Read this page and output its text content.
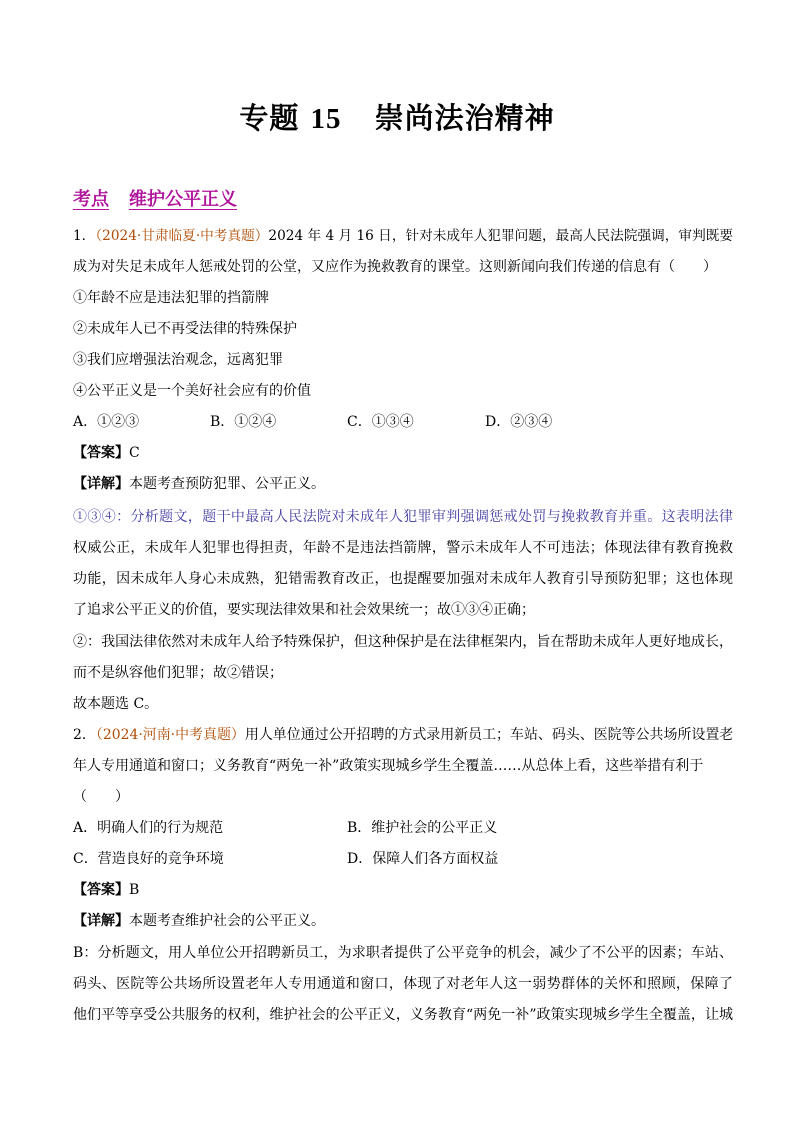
专题 15 崇尚法治精神
考点 维护公平正义
1．（2024·甘肃临夏·中考真题）2024 年 4 月 16 日，针对未成年人犯罪问题，最高人民法院强调，审判既要
成为对失足未成年人惩戒处罚的公堂，又应作为挽救教育的课堂。这则新闻向我们传递的信息有（　　）
①年龄不应是违法犯罪的挡箭牌
②未成年人已不再受法律的特殊保护
③我们应增强法治观念，远离犯罪
④公平正义是一个美好社会应有的价值
A．①②③	B．①②④	C．①③④	D．②③④
【答案】C
【详解】本题考查预防犯罪、公平正义。
①③④：分析题文，题干中最高人民法院对未成年人犯罪审判强调惩戒处罚与挽救教育并重。这表明法律
权威公正，未成年人犯罪也得担责，年龄不是违法挡箭牌，警示未成年人不可违法；体现法律有教育挽救
功能，因未成年人身心未成熟，犯错需教育改正，也提醒要加强对未成年人教育引导预防犯罪；这也体现
了追求公平正义的价值，要实现法律效果和社会效果统一；故①③④正确；
②：我国法律依然对未成年人给予特殊保护，但这种保护是在法律框架内，旨在帮助未成年人更好地成长，
而不是纵容他们犯罪；故②错误；
故本题选 C。
2．（2024·河南·中考真题）用人单位通过公开招聘的方式录用新员工；车站、码头、医院等公共场所设置老
年人专用通道和窗口；义务教育“两免一补”政策实现城乡学生全覆盖……从总体上看，这些举措有利于
（　　）
A．明确人们的行为规范	B．维护社会的公平正义
C．营造良好的竞争环境	D．保障人们各方面权益
【答案】B
【详解】本题考查维护社会的公平正义。
B：分析题文，用人单位公开招聘新员工，为求职者提供了公平竞争的机会，减少了不公平的因素；车站、
码头、医院等公共场所设置老年人专用通道和窗口，体现了对老年人这一弱势群体的关怀和照顾，保障了
他们平等享受公共服务的权利，维护社会的公平正义，义务教育“两免一补”政策实现城乡学生全覆盖，让城
